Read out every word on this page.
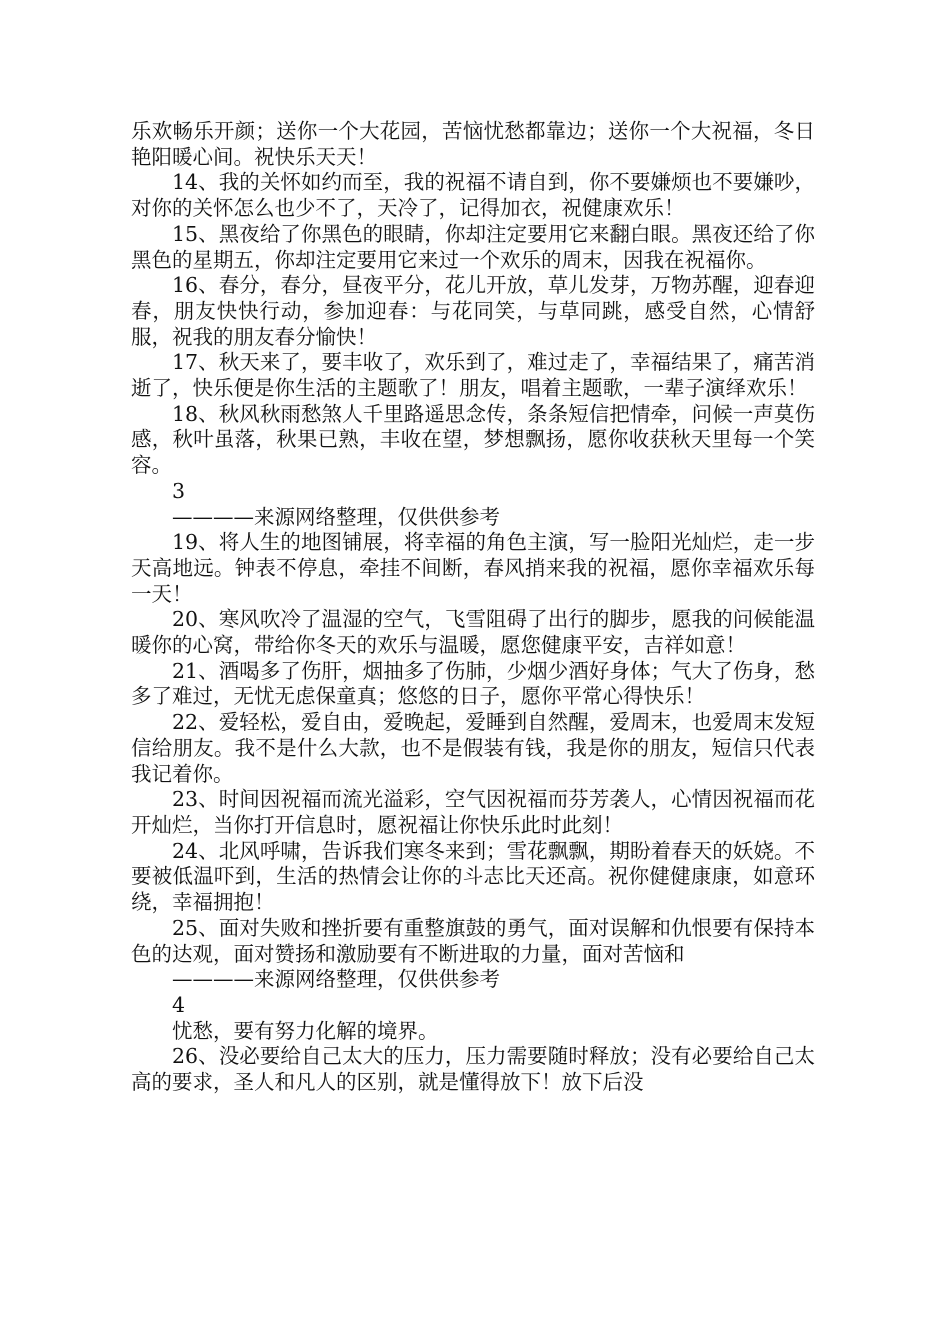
乐欢畅乐开颜；送你一个大花园，苦恼忧愁都靠边；送你一个大祝福，冬日艳阳暖心间。祝快乐天天！

14、我的关怀如约而至，我的祝福不请自到，你不要嫌烦也不要嫌吵，对你的关怀怎么也少不了，天冷了，记得加衣，祝健康欢乐！

15、黑夜给了你黑色的眼睛，你却注定要用它来翻白眼。黑夜还给了你黑色的星期五，你却注定要用它来过一个欢乐的周末，因我在祝福你。

16、春分，春分，昼夜平分，花儿开放，草儿发芽，万物苏醒，迎春迎春，朋友快快行动，参加迎春：与花同笑，与草同跳，感受自然，心情舒服，祝我的朋友春分愉快！

17、秋天来了，要丰收了，欢乐到了，难过走了，幸福结果了，痛苦消逝了，快乐便是你生活的主题歌了！朋友，唱着主题歌，一辈子演绎欢乐！

18、秋风秋雨愁煞人千里路遥思念传，条条短信把情牵，问候一声莫伤感，秋叶虽落，秋果已熟，丰收在望，梦想飘扬，愿你收获秋天里每一个笑容。

3

————来源网络整理，仅供供参考

19、将人生的地图铺展，将幸福的角色主演，写一脸阳光灿烂，走一步天高地远。钟表不停息，牵挂不间断，春风捎来我的祝福，愿你幸福欢乐每一天！

20、寒风吹冷了温湿的空气，飞雪阻碍了出行的脚步，愿我的问候能温暖你的心窝，带给你冬天的欢乐与温暖，愿您健康平安，吉祥如意！

21、酒喝多了伤肝，烟抽多了伤肺，少烟少酒好身体；气大了伤身，愁多了难过，无忧无虑保童真；悠悠的日子，愿你平常心得快乐！

22、爱轻松，爱自由，爱晚起，爱睡到自然醒，爱周末，也爱周末发短信给朋友。我不是什么大款，也不是假装有钱，我是你的朋友，短信只代表我记着你。

23、时间因祝福而流光溢彩，空气因祝福而芬芳袭人，心情因祝福而花开灿烂，当你打开信息时，愿祝福让你快乐此时此刻！

24、北风呼啸，告诉我们寒冬来到；雪花飘飘，期盼着春天的妖娆。不要被低温吓到，生活的热情会让你的斗志比天还高。祝你健健康康，如意环绕，幸福拥抱！

25、面对失败和挫折要有重整旗鼓的勇气，面对误解和仇恨要有保持本色的达观，面对赞扬和激励要有不断进取的力量，面对苦恼和

————来源网络整理，仅供供参考

4

忧愁，要有努力化解的境界。

26、没必要给自己太大的压力，压力需要随时释放；没有必要给自己太高的要求，圣人和凡人的区别，就是懂得放下！放下后没
